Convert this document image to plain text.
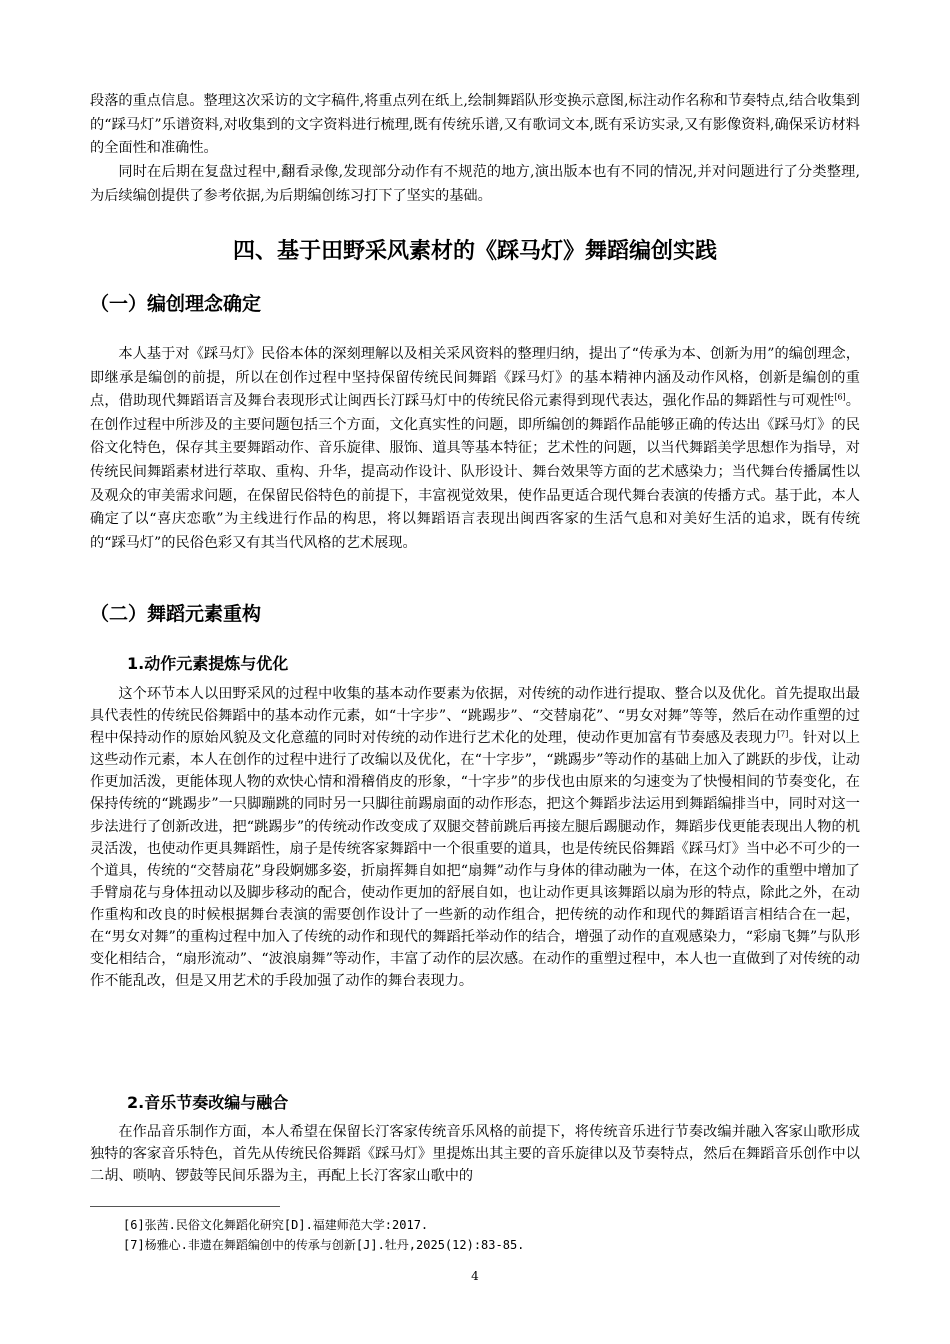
段落的重点信息。整理这次采访的文字稿件,将重点列在纸上,绘制舞蹈队形变换示意图,标注动作名称和节奏特点,结合收集到的“踩马灯”乐谱资料,对收集到的文字资料进行梳理,既有传统乐谱,又有歌词文本,既有采访实录,又有影像资料,确保采访材料的全面性和准确性。

同时在后期在复盘过程中,翻看录像,发现部分动作有不规范的地方,演出版本也有不同的情况,并对问题进行了分类整理,为后续编创提供了参考依据,为后期编创练习打下了坚实的基础。

四、基于田野采风素材的《踩马灯》舞蹈编创实践
（一）编创理念确定

本人基于对《踩马灯》民俗本体的深刻理解以及相关采风资料的整理归纳，提出了“传承为本、创新为用”的编创理念，即继承是编创的前提，所以在创作过程中坚持保留传统民间舞蹈《踩马灯》的基本精神内涵及动作风格，创新是编创的重点，借助现代舞蹈语言及舞台表现形式让闽西长汀踩马灯中的传统民俗元素得到现代表达，强化作品的舞蹈性与可观性[6]。在创作过程中所涉及的主要问题包括三个方面，文化真实性的问题，即所编创的舞蹈作品能够正确的传达出《踩马灯》的民俗文化特色，保存其主要舞蹈动作、音乐旋律、服饰、道具等基本特征；艺术性的问题，以当代舞蹈美学思想作为指导，对传统民间舞蹈素材进行萃取、重构、升华，提高动作设计、队形设计、舞台效果等方面的艺术感染力；当代舞台传播属性以及观众的审美需求问题，在保留民俗特色的前提下，丰富视觉效果，使作品更适合现代舞台表演的传播方式。基于此，本人确定了以“喜庆恋歌”为主线进行作品的构思，将以舞蹈语言表现出闽西客家的生活气息和对美好生活的追求，既有传统的“踩马灯”的民俗色彩又有其当代风格的艺术展现。

（二）舞蹈元素重构
1.动作元素提炼与优化

这个环节本人以田野采风的过程中收集的基本动作要素为依据，对传统的动作进行提取、整合以及优化。首先提取出最具代表性的传统民俗舞蹈中的基本动作元素，如“十字步”、“跳踢步”、“交替扇花”、“男女对舞”等等，然后在动作重塑的过程中保持动作的原始风貌及文化意蕴的同时对传统的动作进行艺术化的处理，使动作更加富有节奏感及表现力[7]。针对以上这些动作元素，本人在创作的过程中进行了改编以及优化，在“十字步”，“跳踢步”等动作的基础上加入了跳跃的步伐，让动作更加活泼，更能体现人物的欢快心情和滑稽俏皮的形象，“十字步”的步伐也由原来的匀速变为了快慢相间的节奏变化，在保持传统的“跳踢步”一只脚蹦跳的同时另一只脚往前踢扇面的动作形态，把这个舞蹈步法运用到舞蹈编排当中，同时对这一步法进行了创新改进，把“跳踢步”的传统动作改变成了双腿交替前跳后再接左腿后踢腿动作，舞蹈步伐更能表现出人物的机灵活泼，也使动作更具舞蹈性，扇子是传统客家舞蹈中一个很重要的道具，也是传统民俗舞蹈《踩马灯》当中必不可少的一个道具，传统的“交替扇花”身段婀娜多姿，折扇挥舞自如把“扇舞”动作与身体的律动融为一体，在这个动作的重塑中增加了手臂扇花与身体扭动以及脚步移动的配合，使动作更加的舒展自如，也让动作更具该舞蹈以扇为形的特点，除此之外，在动作重构和改良的时候根据舞台表演的需要创作设计了一些新的动作组合，把传统的动作和现代的舞蹈语言相结合在一起，在“男女对舞”的重构过程中加入了传统的动作和现代的舞蹈托举动作的结合，增强了动作的直观感染力，“彩扇飞舞”与队形变化相结合，“扇形流动”、“波浪扇舞”等动作，丰富了动作的层次感。在动作的重塑过程中，本人也一直做到了对传统的动作不能乱改，但是又用艺术的手段加强了动作的舞台表现力。

2.音乐节奏改编与融合

在作品音乐制作方面，本人希望在保留长汀客家传统音乐风格的前提下，将传统音乐进行节奏改编并融入客家山歌形成独特的客家音乐特色，首先从传统民俗舞蹈《踩马灯》里提炼出其主要的音乐旋律以及节奏特点，然后在舞蹈音乐创作中以二胡、唢呐、锣鼓等民间乐器为主，再配上长汀客家山歌中的

[6]张茜.民俗文化舞蹈化研究[D].福建师范大学:2017.

[7]杨雅心.非遗在舞蹈编创中的传承与创新[J].牡丹,2025(12):83-85.

4
